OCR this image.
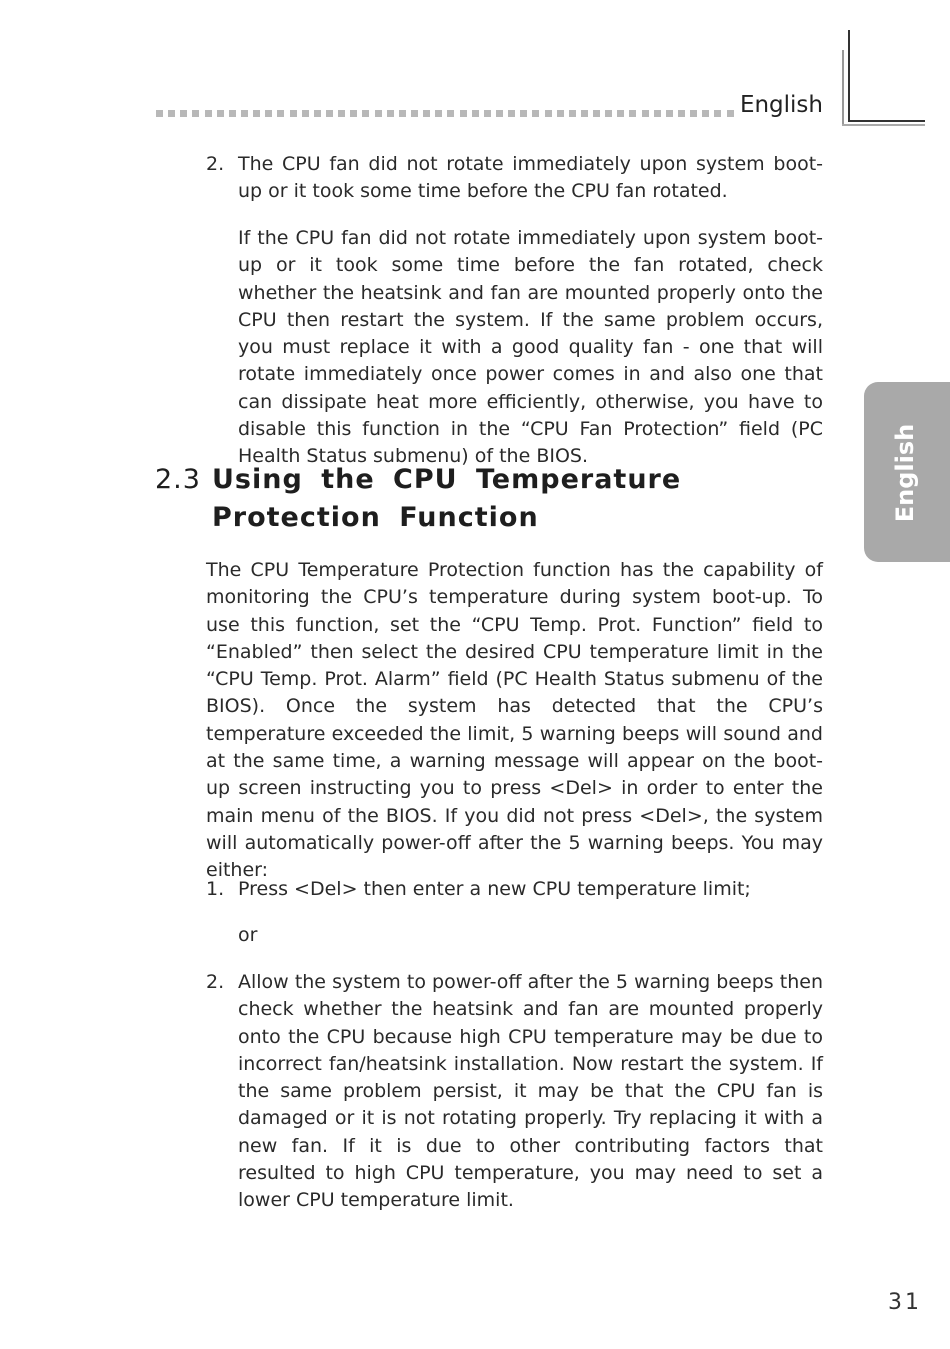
English
English
2. The CPU fan did not rotate immediately upon system boot-up or it took some time before the CPU fan rotated.

If the CPU fan did not rotate immediately upon system boot-up or it took some time before the fan rotated, check whether the heatsink and fan are mounted properly onto the CPU then restart the system. If the same problem occurs, you must replace it with a good quality fan - one that will rotate immediately once power comes in and also one that can dissipate heat more efficiently, otherwise, you have to disable this function in the “CPU Fan Protection” field (PC Health Status submenu) of the BIOS.

2.3 Using the CPU Temperature Protection Function

The CPU Temperature Protection function has the capability of monitoring the CPU’s temperature during system boot-up. To use this function, set the “CPU Temp. Prot. Function” field to “Enabled” then select the desired CPU temperature limit in the “CPU Temp. Prot. Alarm” field (PC Health Status submenu of the BIOS). Once the system has detected that the CPU’s temperature exceeded the limit, 5 warning beeps will sound and at the same time, a warning message will appear on the boot-up screen instructing you to press <Del> in order to enter the main menu of the BIOS. If you did not press <Del>, the system will automatically power-off after the 5 warning beeps. You may either:

1. Press <Del> then enter a new CPU temperature limit;

or
2. Allow the system to power-off after the 5 warning beeps then check whether the heatsink and fan are mounted properly onto the CPU because high CPU temperature may be due to incorrect fan/heatsink installation. Now restart the system. If the same problem persist, it may be that the CPU fan is damaged or it is not rotating properly. Try replacing it with a new fan. If it is due to other contributing factors that resulted to high CPU temperature, you may need to set a lower CPU temperature limit.

31
